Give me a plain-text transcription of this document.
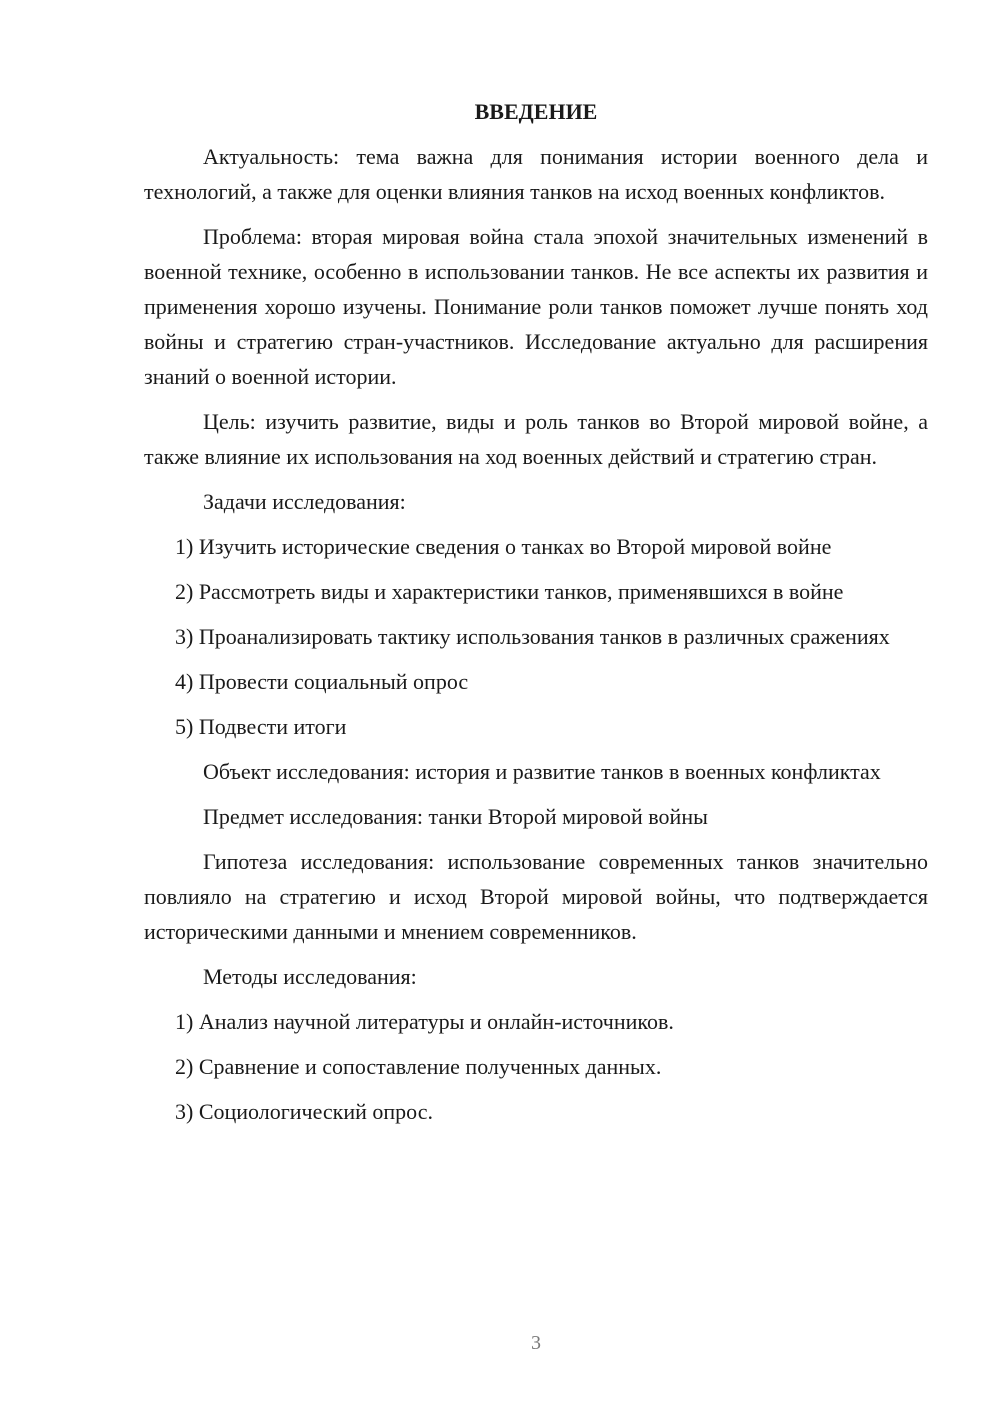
ВВЕДЕНИЕ

Актуальность: тема важна для понимания истории военного дела и технологий, а также для оценки влияния танков на исход военных конфликтов.

Проблема: вторая мировая война стала эпохой значительных изменений в военной технике, особенно в использовании танков. Не все аспекты их развития и применения хорошо изучены. Понимание роли танков поможет лучше понять ход войны и стратегию стран-участников. Исследование актуально для расширения знаний о военной истории.

Цель: изучить развитие, виды и роль танков во Второй мировой войне, а также влияние их использования на ход военных действий и стратегию стран.

Задачи исследования:

1) Изучить исторические сведения о танках во Второй мировой войне

2) Рассмотреть виды и характеристики танков, применявшихся в войне

3) Проанализировать тактику использования танков в различных сражениях

4) Провести социальный опрос

5) Подвести итоги

Объект исследования: история и развитие танков в военных конфликтах

Предмет исследования: танки Второй мировой войны

Гипотеза исследования: использование современных танков значительно повлияло на стратегию и исход Второй мировой войны, что подтверждается историческими данными и мнением современников.

Методы исследования:

1) Анализ научной литературы и онлайн-источников.

2) Сравнение и сопоставление полученных данных.

3) Социологический опрос.

3
